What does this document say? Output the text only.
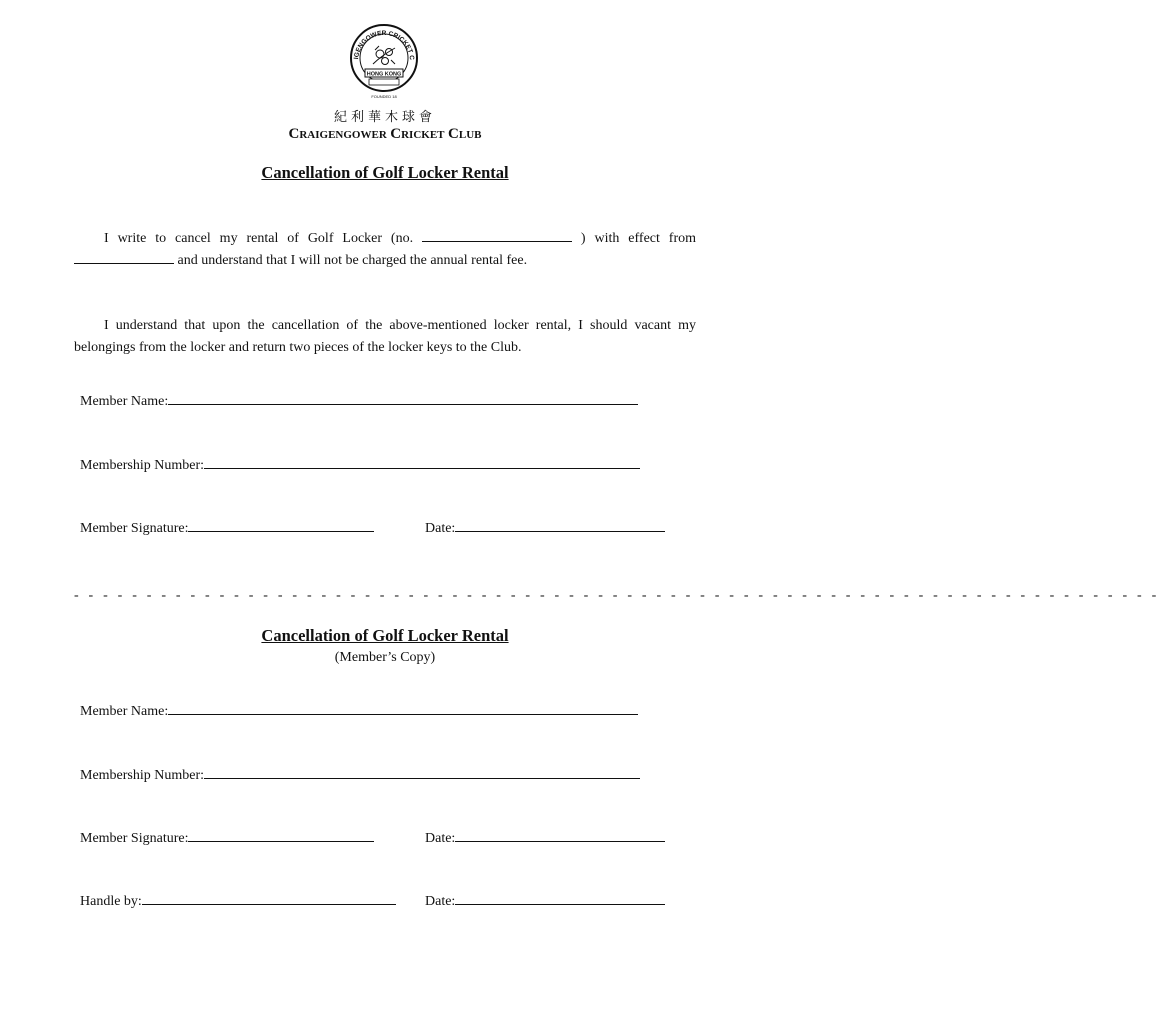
IGENGOWER CRICKET C
HONG KONG
FOUNDED 18
紀利華木球會
CRAIGENGOWER CRICKET CLUB
Cancellation of Golf Locker Rental
I write to cancel my rental of Golf Locker (no.	) with effect from
and understand that I will not be charged the annual rental fee.
I understand that upon the cancellation of the above-mentioned locker rental, I should vacant my belongings from the locker and return two pieces of the locker keys to the Club.
Member Name:
Membership Number:
Member Signature:	Date:
- - - - - - - - - - - - - - - - - - - - - - - - - - - - - - - - - - - - - - - - - - - - - - - - - - - - - - - - - - - - - - - - - - - - - - - - - - -
Cancellation of Golf Locker Rental
(Member’s Copy)
Member Name:
Membership Number:
Member Signature:	Date:
Handle by:	Date:
